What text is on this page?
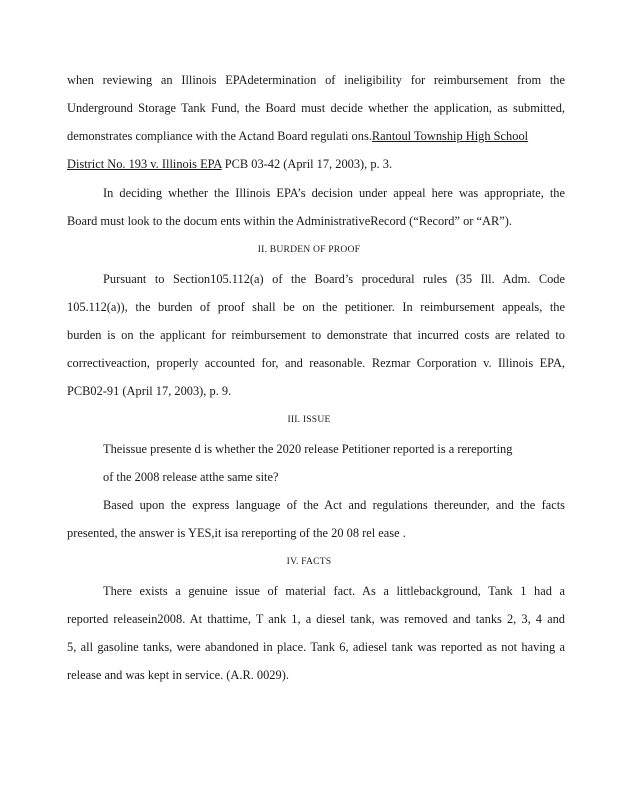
when reviewing an Illinois EPAdetermination of ineligibility for reimbursement from the
Underground Storage Tank Fund, the Board must decide whether the application, as submitted,
demonstrates compliance with the Actand Board regulati ons.Rantoul Township High School
District No. 193 v. Illinois EPA PCB 03-42 (April 17, 2003), p. 3.
In deciding whether the Illinois EPA’s decision under appeal here was appropriate, the
Board must look to the docum ents within the AdministrativeRecord (“Record” or “AR”).
II. BURDEN OF PROOF
Pursuant to Section105.112(a) of the Board’s procedural rules (35 Ill. Adm. Code
105.112(a)), the burden of proof shall be on the petitioner. In reimbursement appeals, the
burden is on the applicant for reimbursement to demonstrate that incurred costs are related to
correctiveaction, properly accounted for, and reasonable. Rezmar Corporation v. Illinois EPA,
PCB02-91 (April 17, 2003), p. 9.
III. ISSUE
Theissue presente d is whether the 2020 release Petitioner reported is a rereporting
of the 2008 release atthe same site?
Based upon the express language of the Act and regulations thereunder, and the facts
presented, the answer is YES,it isa rereporting of the 20 08 rel ease .
IV. FACTS
There exists a genuine issue of material fact. As a littlebackground, Tank 1 had a
reported releasein2008. At thattime, T ank 1, a diesel tank, was removed and tanks 2, 3, 4 and
5, all gasoline tanks, were abandoned in place. Tank 6, adiesel tank was reported as not having a
release and was kept in service. (A.R. 0029).
